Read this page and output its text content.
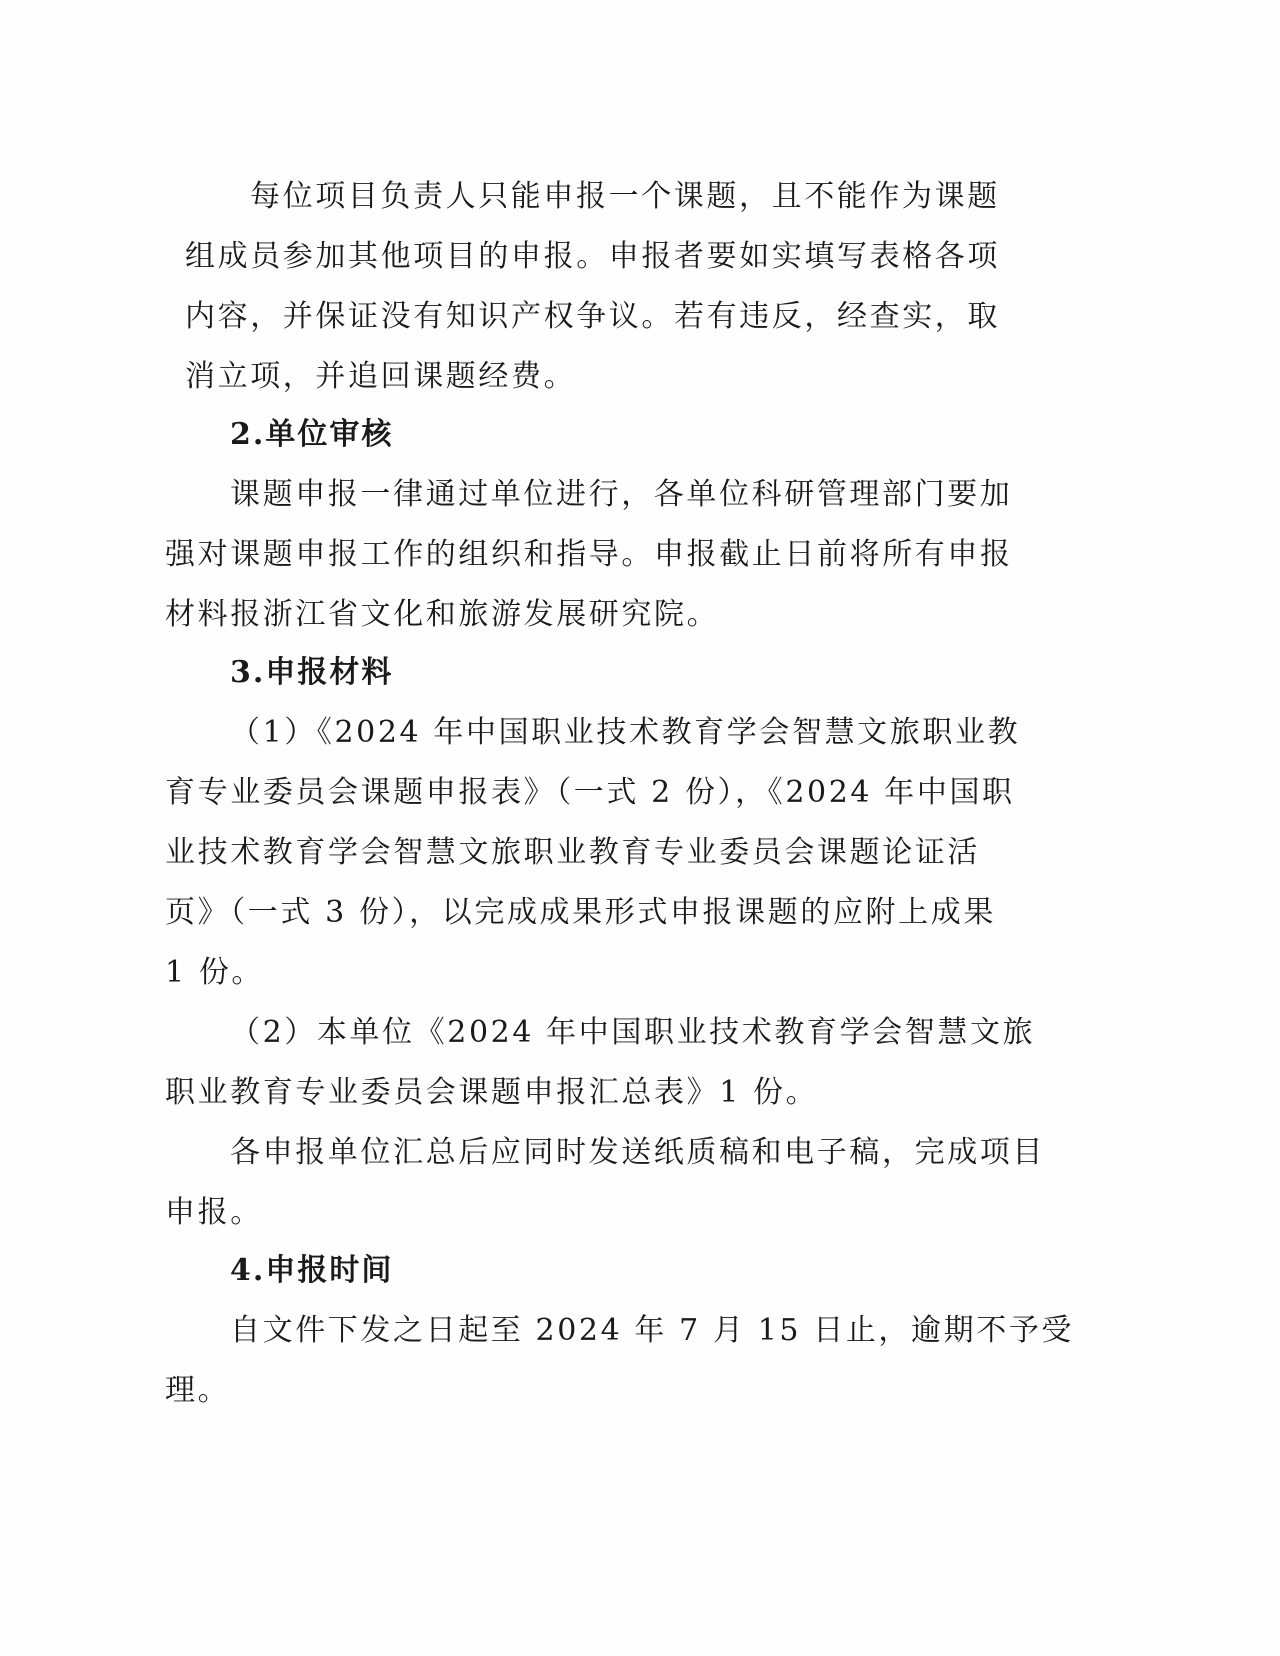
每位项目负责人只能申报一个课题，且不能作为课题
组成员参加其他项目的申报。申报者要如实填写表格各项
内容，并保证没有知识产权争议。若有违反，经查实，取
消立项，并追回课题经费。
2.单位审核
课题申报一律通过单位进行，各单位科研管理部门要加
强对课题申报工作的组织和指导。申报截止日前将所有申报
材料报浙江省文化和旅游发展研究院。
3.申报材料
（1）《2024 年中国职业技术教育学会智慧文旅职业教
育专业委员会课题申报表》（一式 2 份），《2024 年中国职
业技术教育学会智慧文旅职业教育专业委员会课题论证活
页》（一式 3 份），以完成成果形式申报课题的应附上成果
1 份。
（2）本单位《2024 年中国职业技术教育学会智慧文旅
职业教育专业委员会课题申报汇总表》1 份。
各申报单位汇总后应同时发送纸质稿和电子稿，完成项目
申报。
4.申报时间
自文件下发之日起至 2024 年 7 月 15 日止，逾期不予受
理。
